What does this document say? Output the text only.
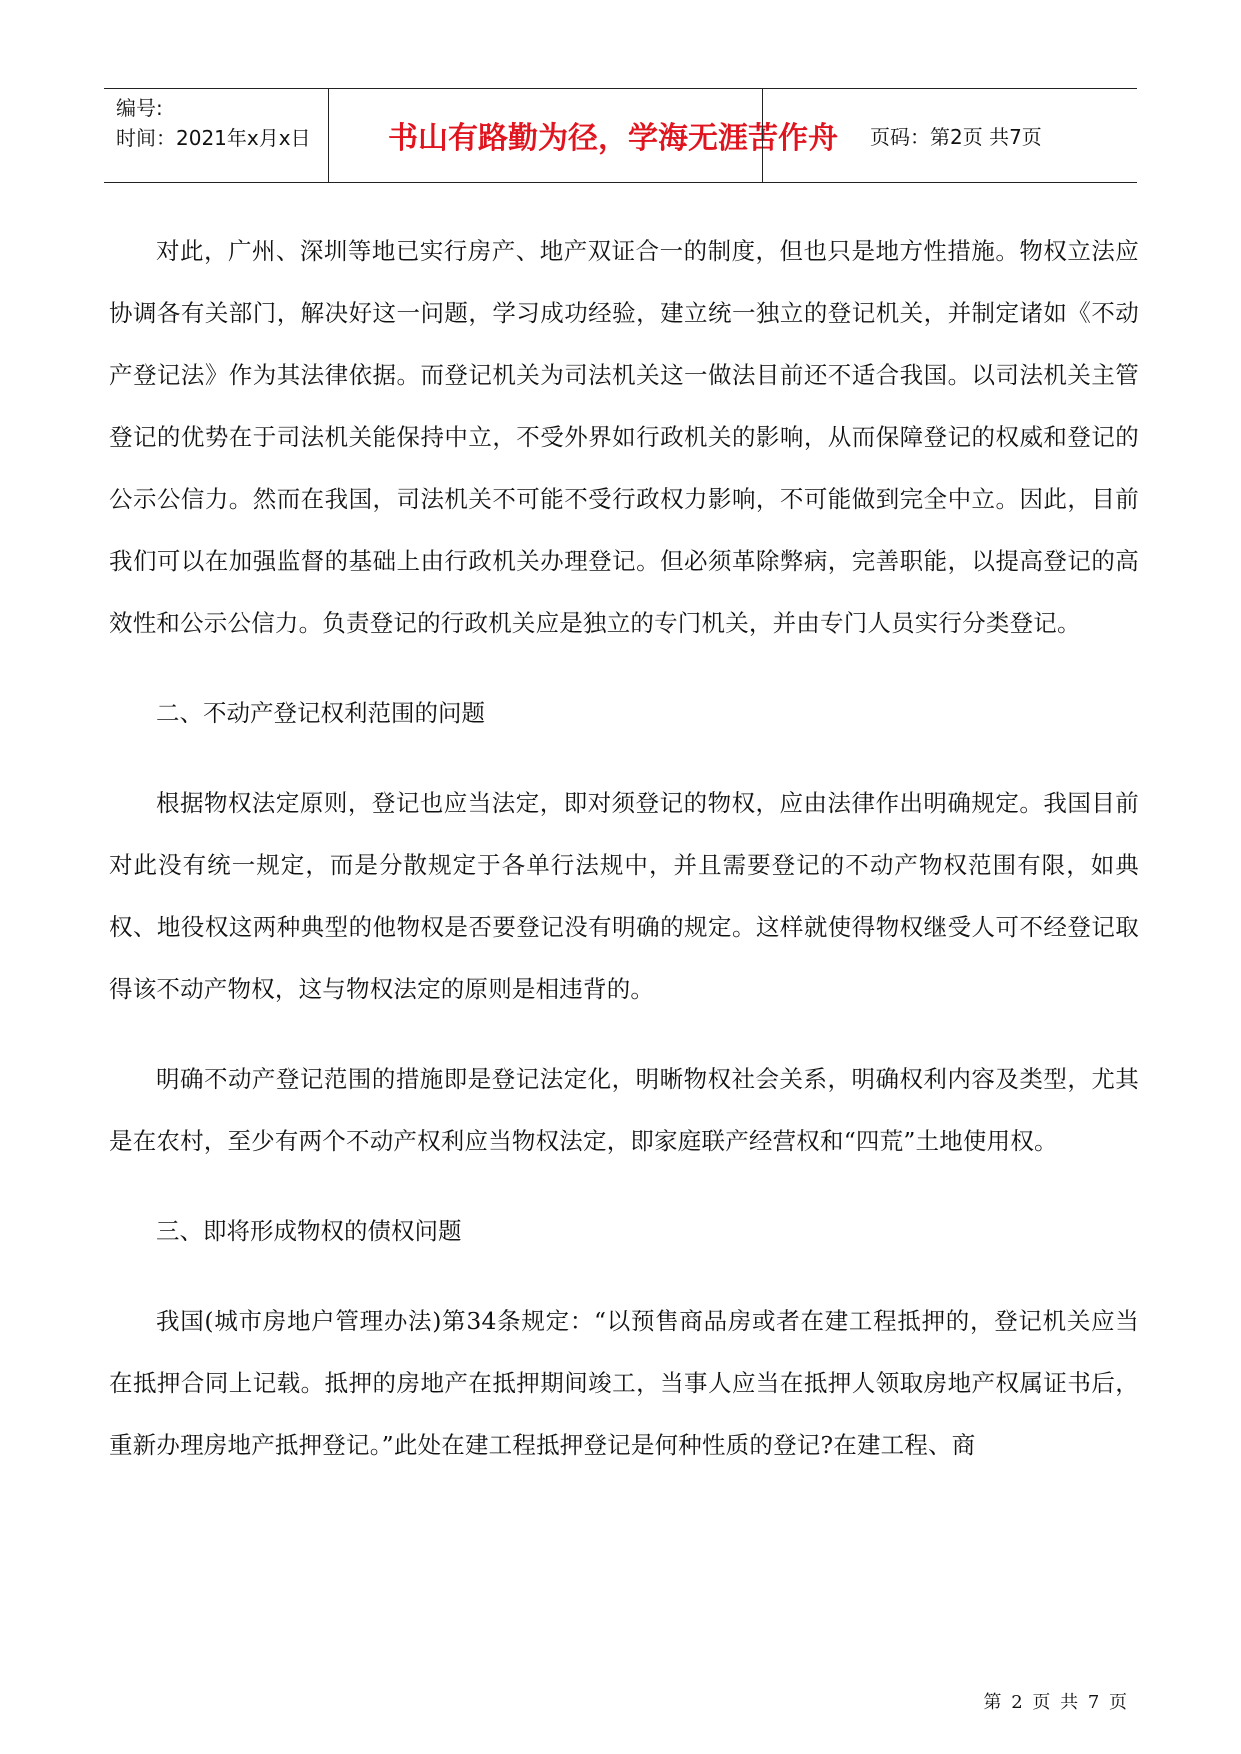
编号:
时间：2021年x月x日	书山有路勤为径，学海无涯苦作舟	页码：第2页 共7页

对此，广州、深圳等地已实行房产、地产双证合一的制度，但也只是地方性措施。物权立法应协调各有关部门，解决好这一问题，学习成功经验，建立统一独立的登记机关，并制定诸如《不动产登记法》作为其法律依据。而登记机关为司法机关这一做法目前还不适合我国。以司法机关主管登记的优势在于司法机关能保持中立，不受外界如行政机关的影响，从而保障登记的权威和登记的公示公信力。然而在我国，司法机关不可能不受行政权力影响，不可能做到完全中立。因此，目前我们可以在加强监督的基础上由行政机关办理登记。但必须革除弊病，完善职能，以提高登记的高效性和公示公信力。负责登记的行政机关应是独立的专门机关，并由专门人员实行分类登记。

二、不动产登记权利范围的问题

根据物权法定原则，登记也应当法定，即对须登记的物权，应由法律作出明确规定。我国目前对此没有统一规定，而是分散规定于各单行法规中，并且需要登记的不动产物权范围有限，如典权、地役权这两种典型的他物权是否要登记没有明确的规定。这样就使得物权继受人可不经登记取得该不动产物权，这与物权法定的原则是相违背的。

明确不动产登记范围的措施即是登记法定化，明晰物权社会关系，明确权利内容及类型，尤其是在农村，至少有两个不动产权利应当物权法定，即家庭联产经营权和“四荒”土地使用权。

三、即将形成物权的债权问题

我国(城市房地户管理办法)第34条规定：“以预售商品房或者在建工程抵押的，登记机关应当在抵押合同上记载。抵押的房地产在抵押期间竣工，当事人应当在抵押人领取房地产权属证书后，重新办理房地产抵押登记。”此处在建工程抵押登记是何种性质的登记?在建工程、商

第 2 页 共 7 页
